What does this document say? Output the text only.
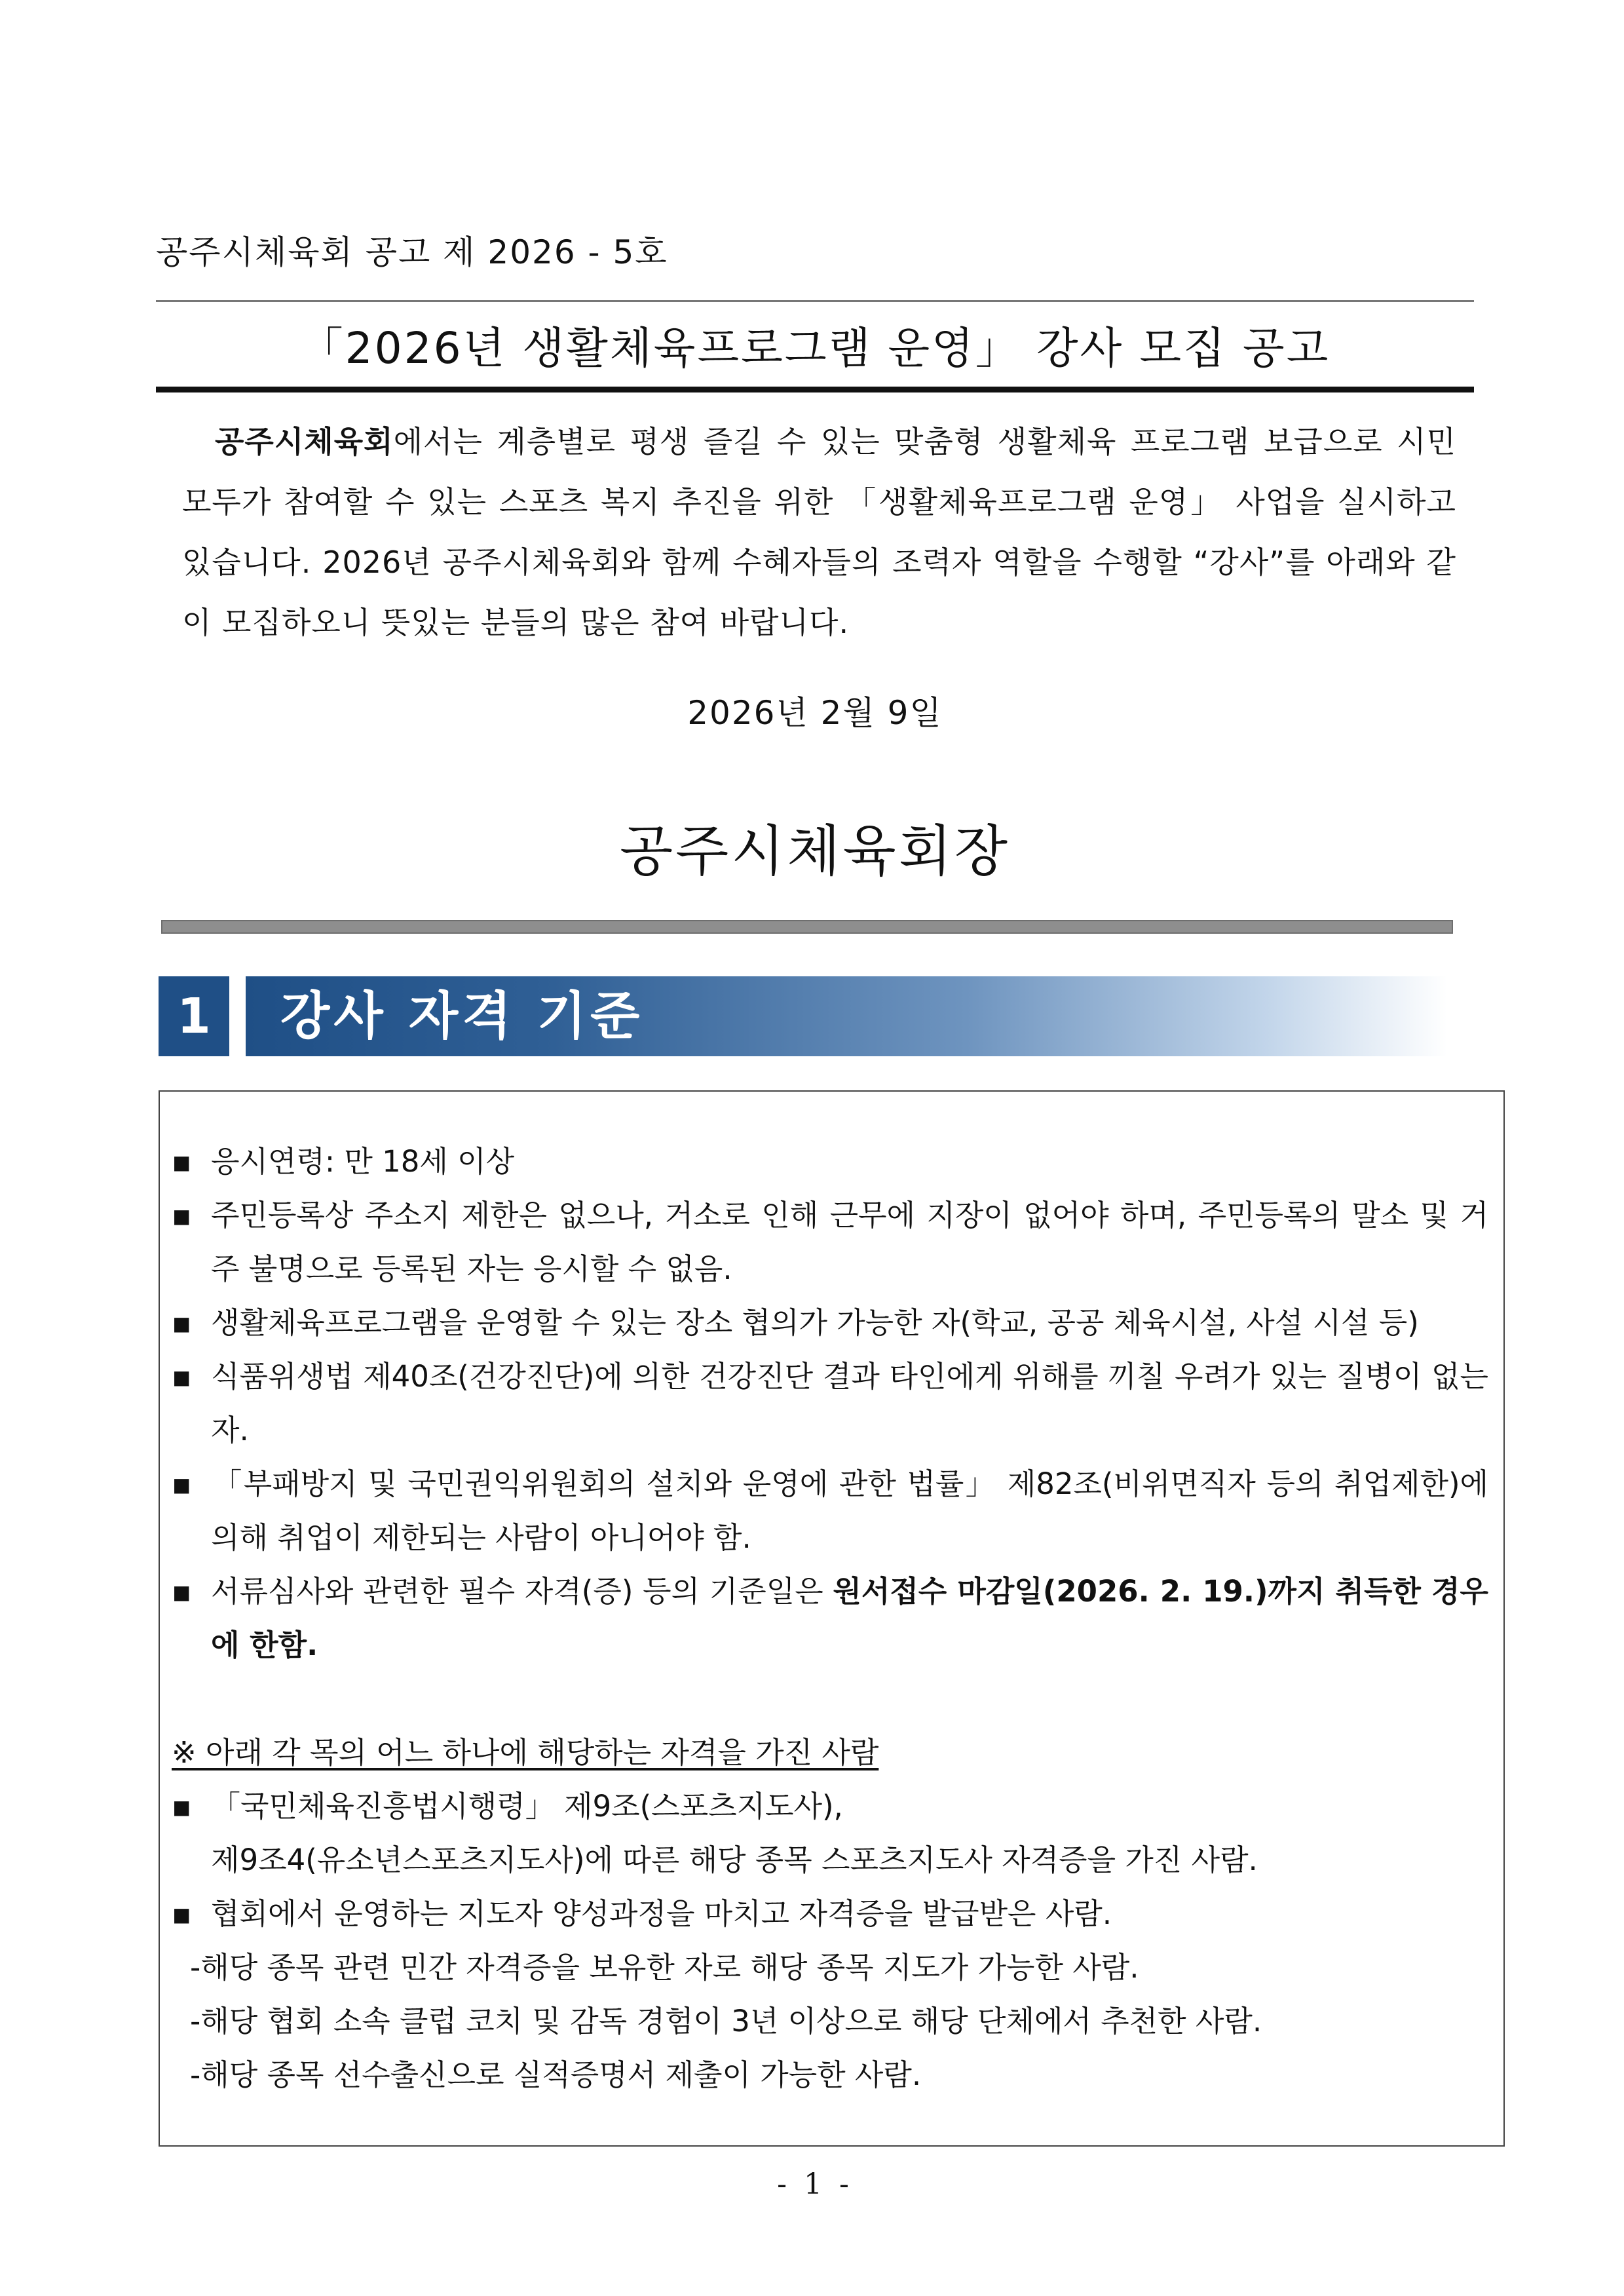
공주시체육회 공고 제 2026 - 5호
「2026년 생활체육프로그램 운영」 강사 모집 공고
공주시체육회에서는 계층별로 평생 즐길 수 있는 맞춤형 생활체육 프로그램 보급으로 시민 모두가 참여할 수 있는 스포츠 복지 추진을 위한 「생활체육프로그램 운영」 사업을 실시하고 있습니다. 2026년 공주시체육회와 함께 수혜자들의 조력자 역할을 수행할 “강사”를 아래와 같이 모집하오니 뜻있는 분들의 많은 참여 바랍니다.
2026년 2월 9일
공주시체육회장
1	강사 자격 기준

▪ 응시연령: 만 18세 이상

▪ 주민등록상 주소지 제한은 없으나, 거소로 인해 근무에 지장이 없어야 하며, 주민등록의 말소 및 거주 불명으로 등록된 자는 응시할 수 없음.

▪ 생활체육프로그램을 운영할 수 있는 장소 협의가 가능한 자(학교, 공공 체육시설, 사설 시설 등)

▪ 식품위생법 제40조(건강진단)에 의한 건강진단 결과 타인에게 위해를 끼칠 우려가 있는 질병이 없는 자.

▪ 「부패방지 및 국민권익위원회의 설치와 운영에 관한 법률」 제82조(비위면직자 등의 취업제한)에 의해 취업이 제한되는 사람이 아니어야 함.

▪ 서류심사와 관련한 필수 자격(증) 등의 기준일은 원서접수 마감일(2026. 2. 19.)까지 취득한 경우에 한함.

※ 아래 각 목의 어느 하나에 해당하는 자격을 가진 사람

▪ 「국민체육진흥법시행령」 제9조(스포츠지도사),

제9조4(유소년스포츠지도사)에 따른 해당 종목 스포츠지도사 자격증을 가진 사람.

▪ 협회에서 운영하는 지도자 양성과정을 마치고 자격증을 발급받은 사람.

-해당 종목 관련 민간 자격증을 보유한 자로 해당 종목 지도가 가능한 사람.

-해당 협회 소속 클럽 코치 및 감독 경험이 3년 이상으로 해당 단체에서 추천한 사람.

-해당 종목 선수출신으로 실적증명서 제출이 가능한 사람.

- 1 -
